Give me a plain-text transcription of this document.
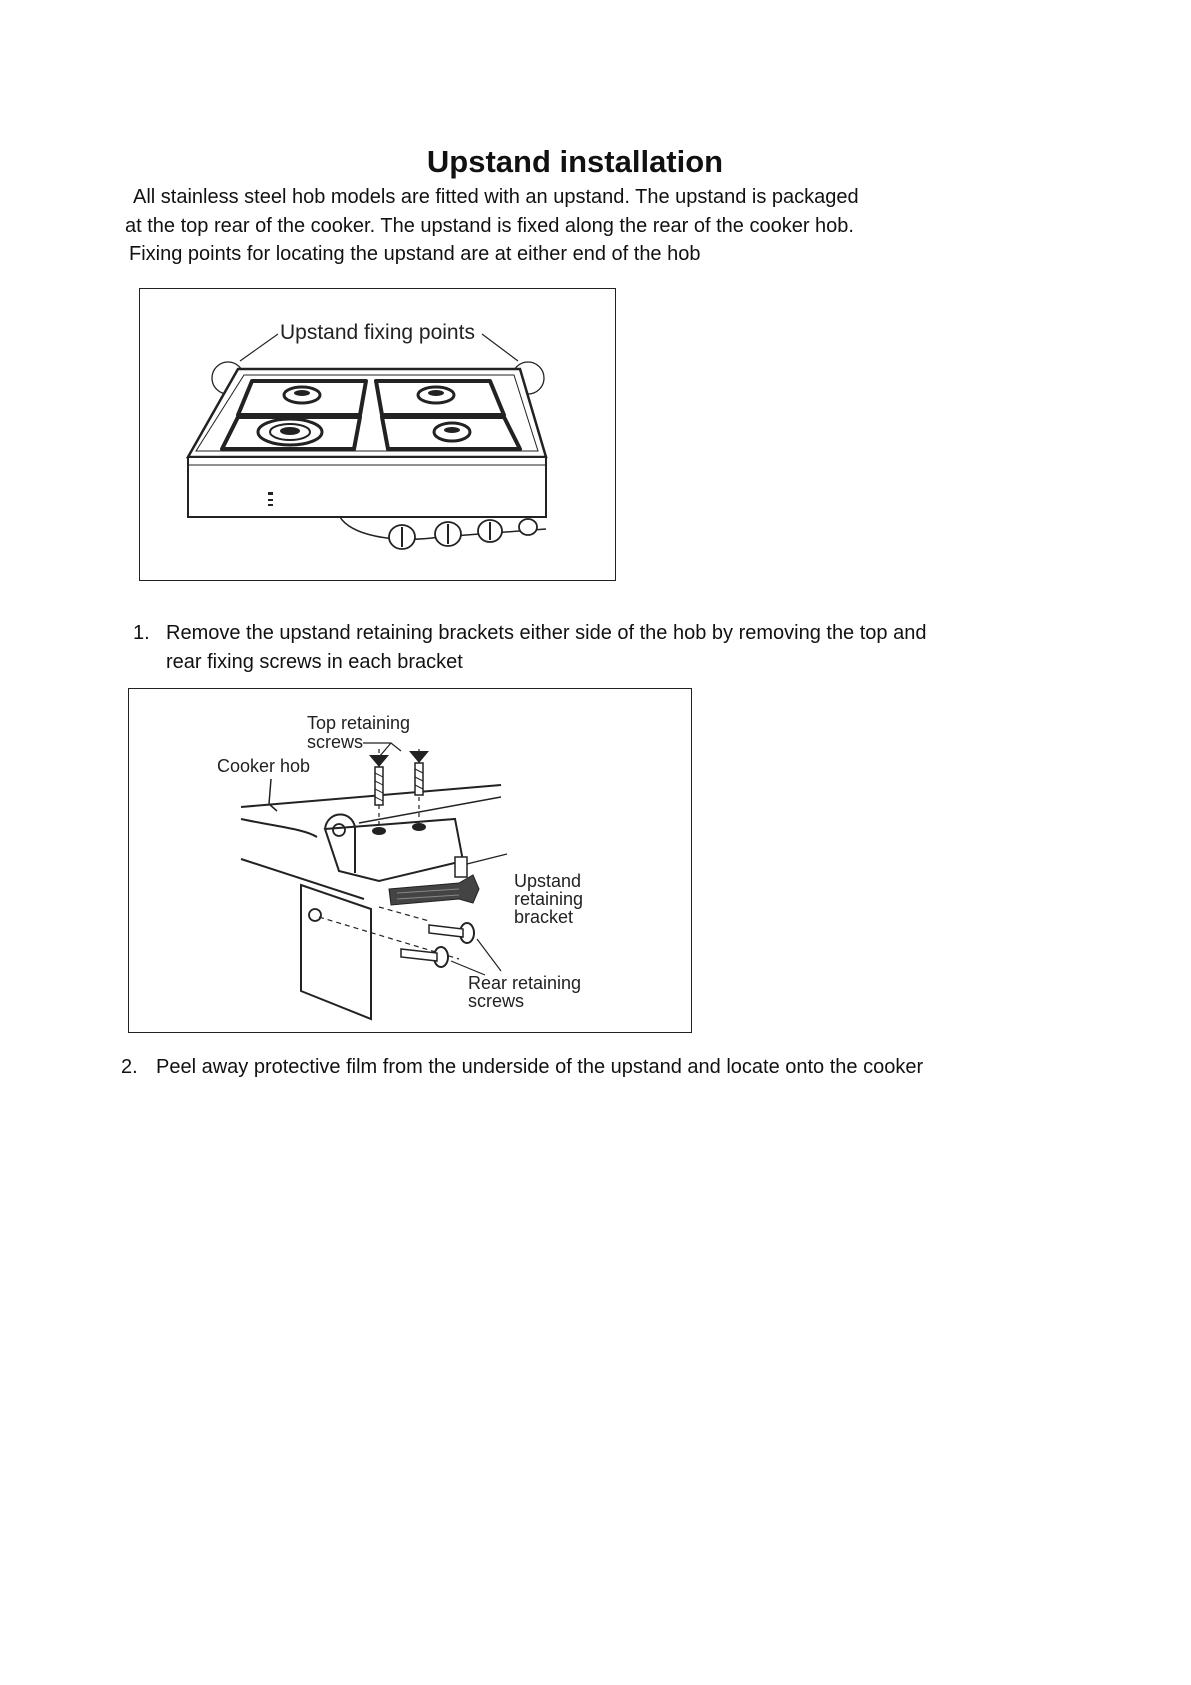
Upstand installation
All stainless steel hob models are fitted with an upstand. The upstand is packaged
at the top rear of the cooker. The upstand is fixed along the rear of the cooker hob.
Fixing points for locating the upstand are at either end of the hob
Upstand fixing points
1. Remove the upstand retaining brackets either side of the hob by removing the top and
rear fixing screws in each bracket
Top retaining
screws
Cooker hob
Upstand
retaining
bracket
Rear retaining
screws
2. Peel away protective film from the underside of the upstand and locate onto the cooker
